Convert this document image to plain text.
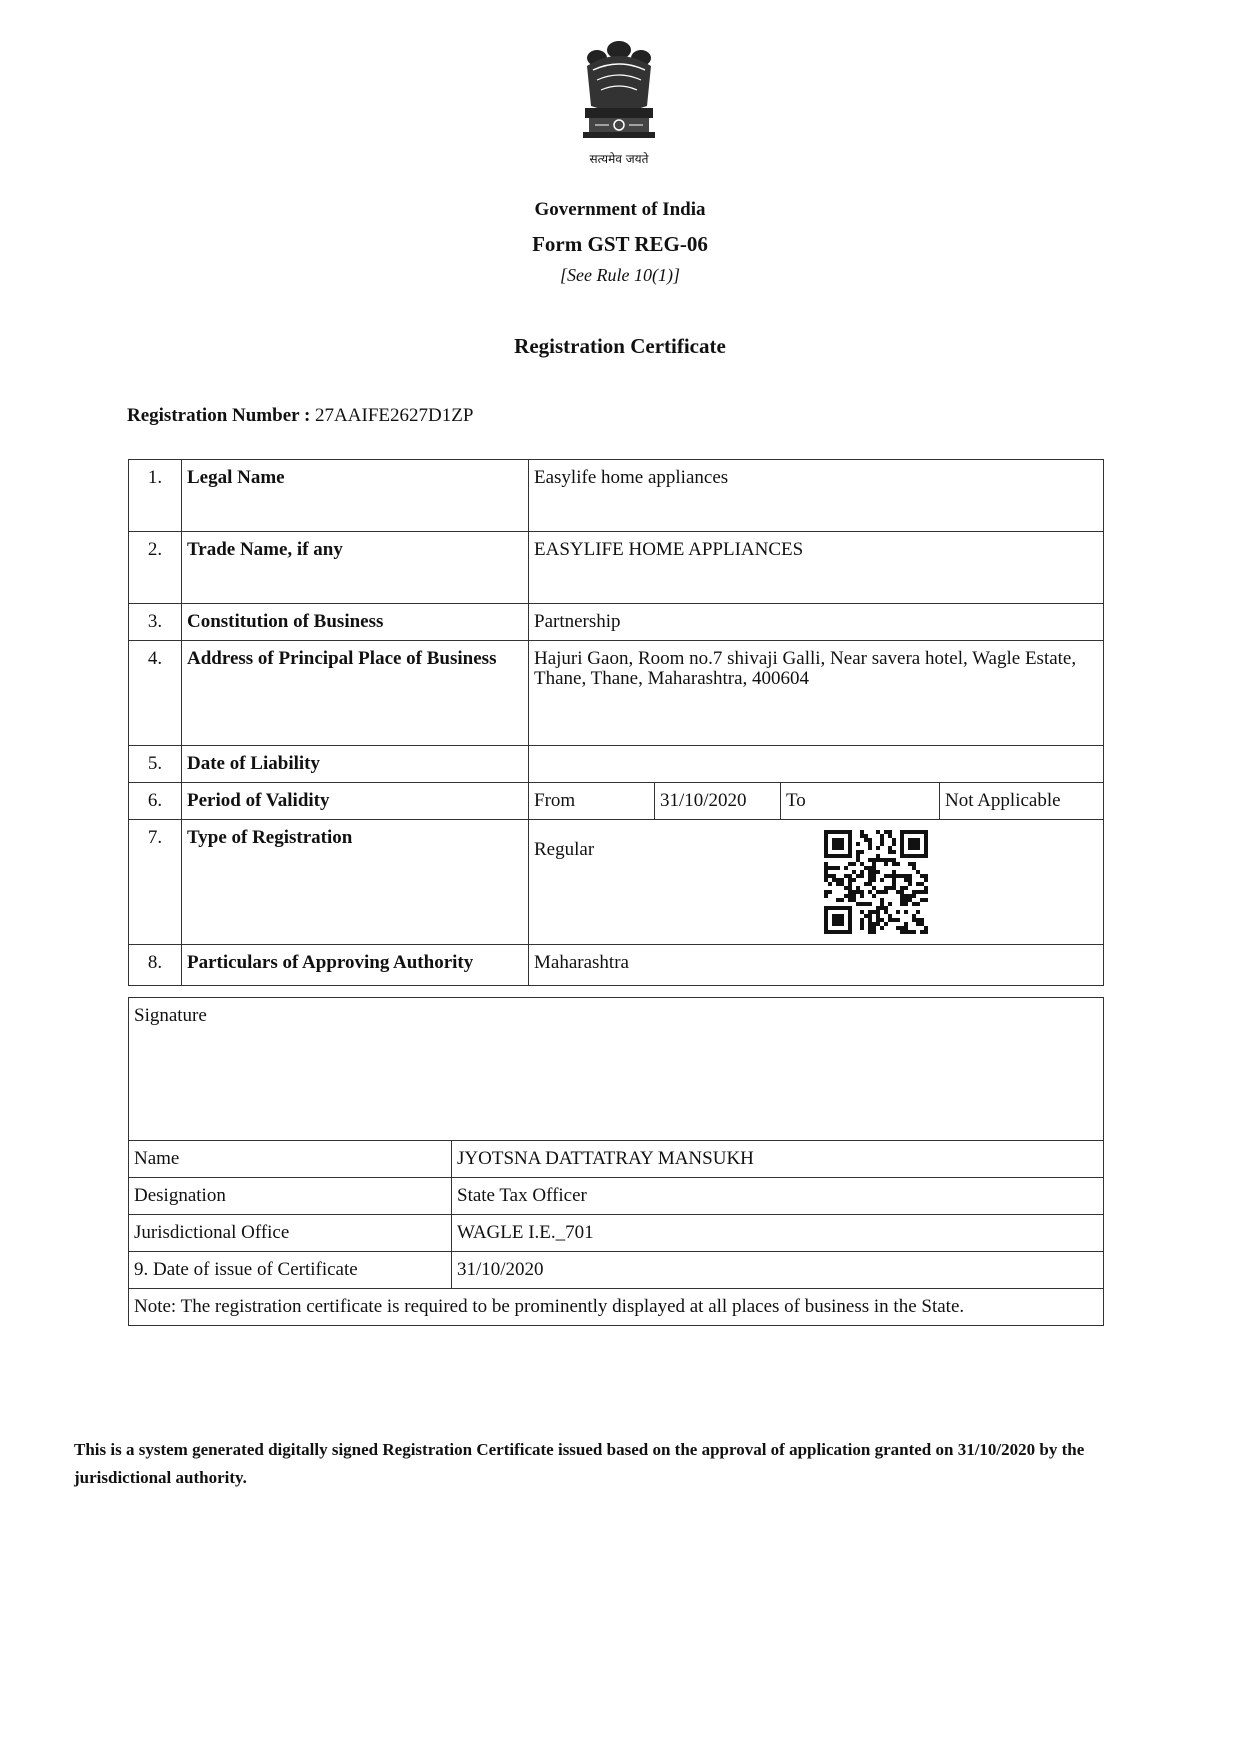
सत्यमेव जयते
Government of India
Form GST REG-06
[See Rule 10(1)]
Registration Certificate
Registration Number : 27AAIFE2627D1ZP
1.	Legal Name	Easylife home appliances			
2.	Trade Name, if any	EASYLIFE HOME APPLIANCES			
3.	Constitution of Business	Partnership			
4.	Address of Principal Place of Business	Hajuri Gaon, Room no.7 shivaji Galli, Near savera hotel, Wagle Estate, Thane, Thane, Maharashtra, 400604			
5.	Date of Liability				
6.	Period of Validity	From	31/10/2020	To	Not Applicable
7.	Type of Registration	Regular			

8.	Particulars of Approving Authority	Maharashtra			
Signature	
Name	JYOTSNA DATTATRAY MANSUKH
Designation	State Tax Officer
Jurisdictional Office	WAGLE I.E._701
9. Date of issue of Certificate	31/10/2020
Note: The registration certificate is required to be prominently displayed at all places of business in the State.	
This is a system generated digitally signed Registration Certificate issued based on the approval of application granted on 31/10/2020 by the jurisdictional authority.
